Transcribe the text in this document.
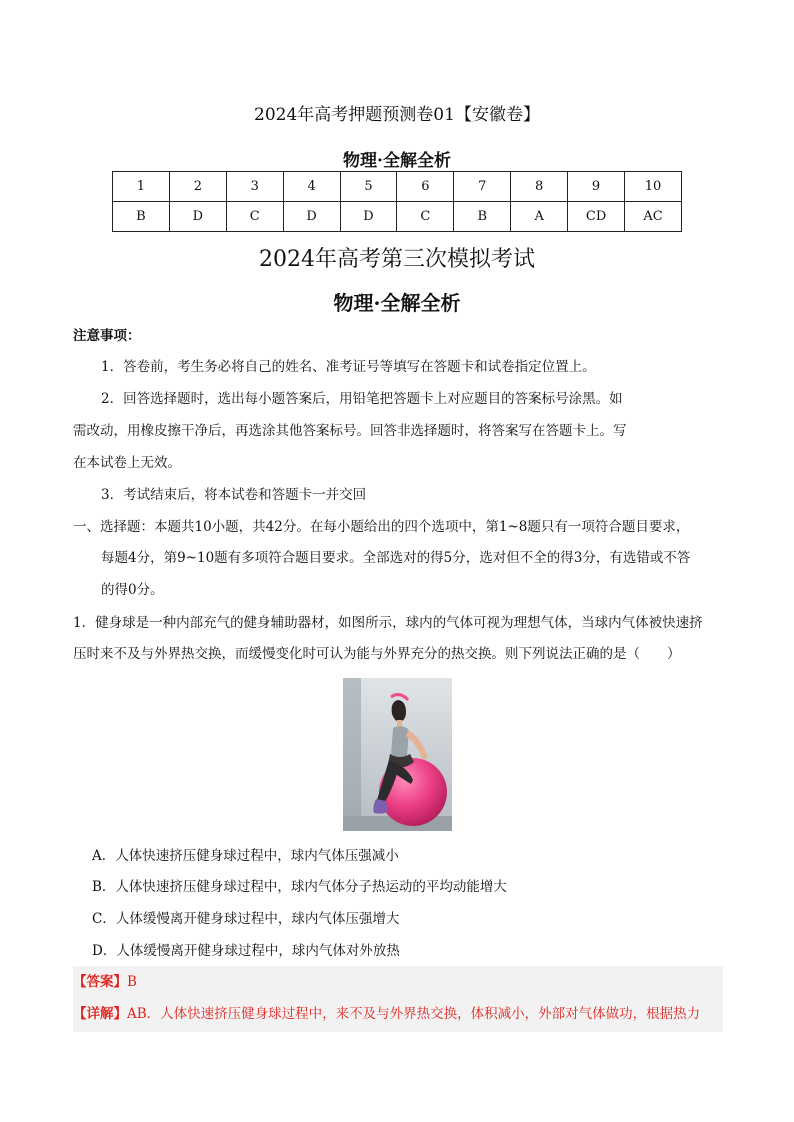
2024年高考押题预测卷01【安徽卷】
物理·全解全析
1	2	3	4	5	6	7	8	9	10
B	D	C	D	D	C	B	A	CD	AC
2024年高考第三次模拟考试
物理·全解全析
注意事项：
1．答卷前，考生务必将自己的姓名、准考证号等填写在答题卡和试卷指定位置上。
2．回答选择题时，选出每小题答案后，用铅笔把答题卡上对应题目的答案标号涂黑。如
需改动，用橡皮擦干净后，再选涂其他答案标号。回答非选择题时，将答案写在答题卡上。写
在本试卷上无效。
3．考试结束后，将本试卷和答题卡一并交回
一、选择题：本题共10小题，共42分。在每小题给出的四个选项中，第1~8题只有一项符合题目要求，
每题4分，第9~10题有多项符合题目要求。全部选对的得5分，选对但不全的得3分，有选错或不答
的得0分。
1．健身球是一种内部充气的健身辅助器材，如图所示，球内的气体可视为理想气体，当球内气体被快速挤
压时来不及与外界热交换，而缓慢变化时可认为能与外界充分的热交换。则下列说法正确的是（　　）
A．人体快速挤压健身球过程中，球内气体压强减小
B．人体快速挤压健身球过程中，球内气体分子热运动的平均动能增大
C．人体缓慢离开健身球过程中，球内气体压强增大
D．人体缓慢离开健身球过程中，球内气体对外放热
【答案】B
【详解】AB．人体快速挤压健身球过程中，来不及与外界热交换，体积减小，外部对气体做功，根据热力
